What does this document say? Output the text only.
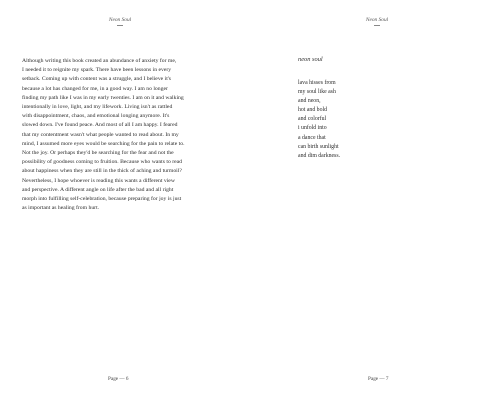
Neon Soul
Although writing this book created an abundance of anxiety for me,
I needed it to reignite my spark. There have been lessons in every
setback. Coming up with content was a struggle, and I believe it's
because a lot has changed for me, in a good way. I am no longer
finding my path like I was in my early twenties. I am on it and walking
intentionally in love, light, and my lifework. Living isn't as rattled
with disappointment, chaos, and emotional longing anymore. It's
slowed down. I've found peace. And most of all I am happy. I feared
that my contentment wasn't what people wanted to read about. In my
mind, I assumed more eyes would be searching for the pain to relate to.
Not the joy. Or perhaps they'd be searching for the fear and not the
possibility of goodness coming to fruition. Because who wants to read
about happiness when they are still in the thick of aching and turmoil?
Nevertheless, I hope whoever is reading this wants a different view
and perspective. A different angle on life after the bad and all right
morph into fulfilling self-celebration, because preparing for joy is just
as important as healing from hurt.
Page — 6
Neon Soul
neon soul
lava hisses from
my soul like ash
and neon,
hot and bold
and colorful
i unfold into
a dance that
can birth sunlight
and dim darkness.
Page — 7
